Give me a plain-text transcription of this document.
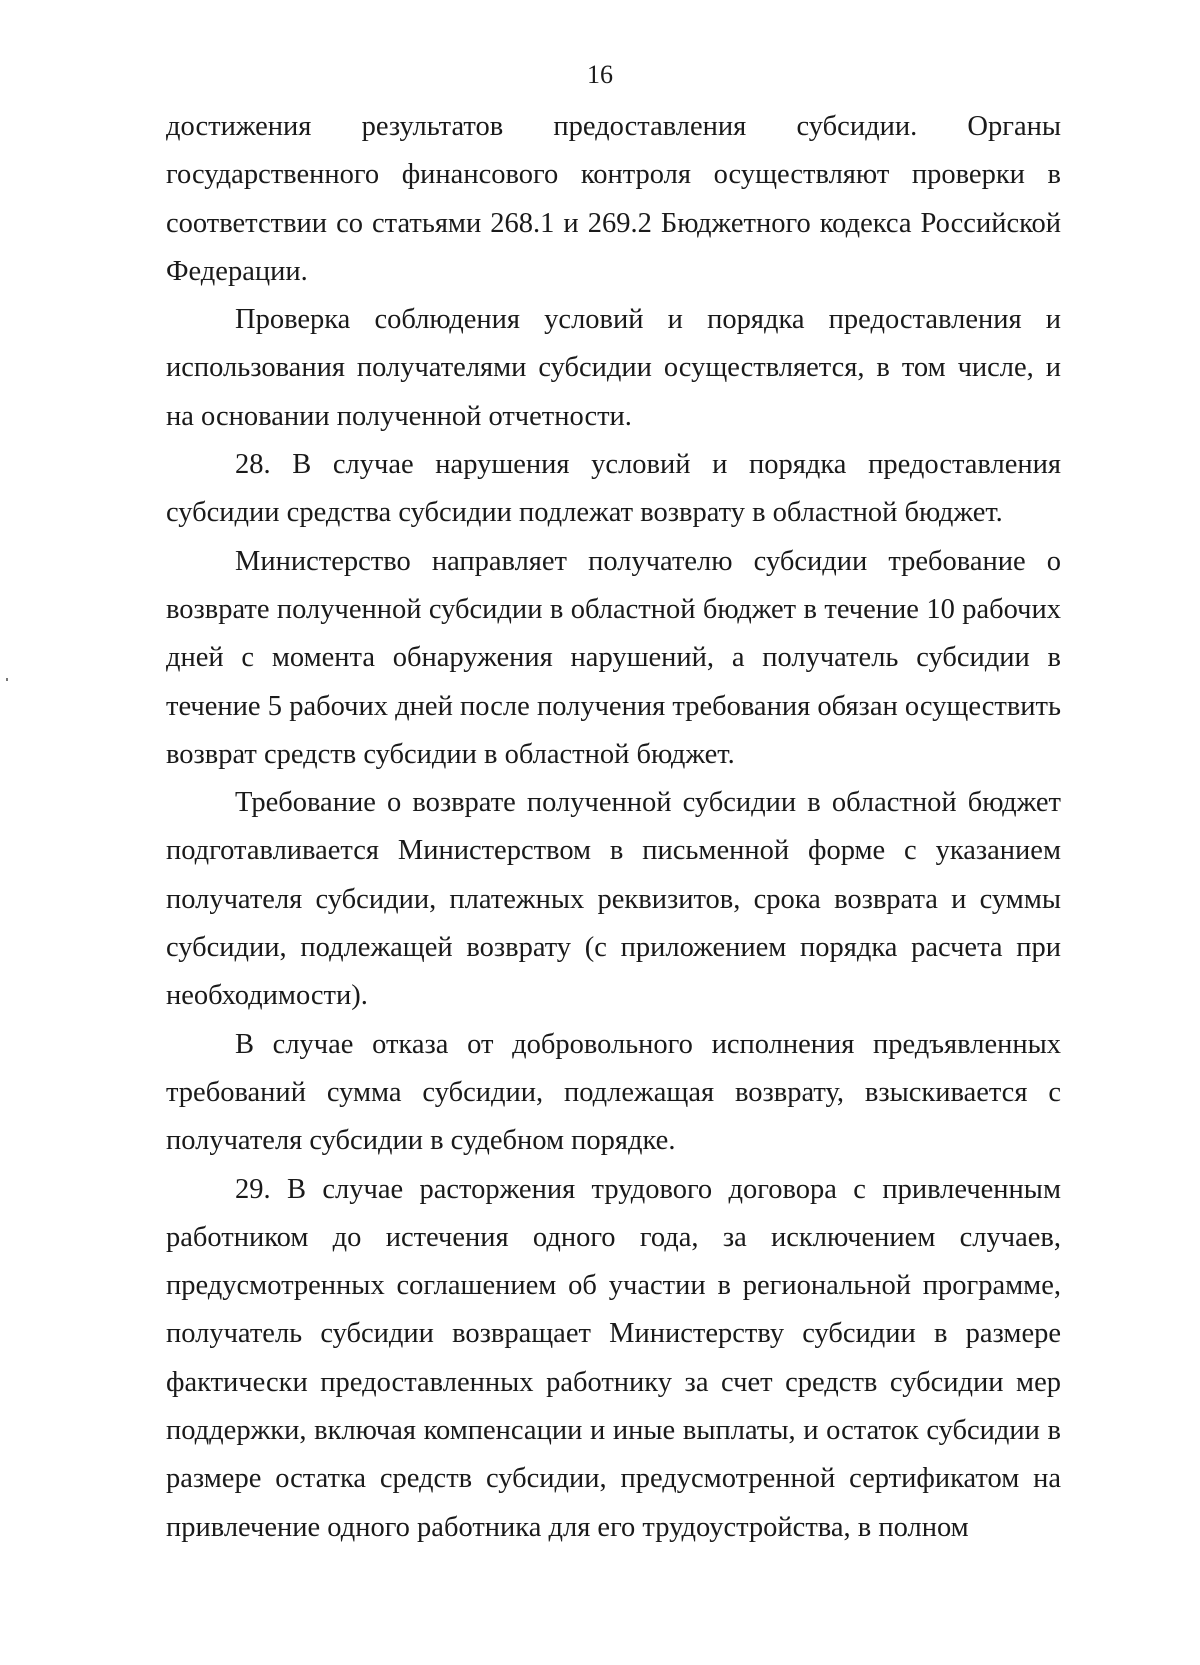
16

достижения результатов предоставления субсидии. Органы государственного финансового контроля осуществляют проверки в соответствии со статьями 268.1 и 269.2 Бюджетного кодекса Российской Федерации.

Проверка соблюдения условий и порядка предоставления и использования получателями субсидии осуществляется, в том числе, и на основании полученной отчетности.

28. В случае нарушения условий и порядка предоставления субсидии средства субсидии подлежат возврату в областной бюджет.

Министерство направляет получателю субсидии требование о возврате полученной субсидии в областной бюджет в течение 10 рабочих дней с момента обнаружения нарушений, а получатель субсидии в течение 5 рабочих дней после получения требования обязан осуществить возврат средств субсидии в областной бюджет.

Требование о возврате полученной субсидии в областной бюджет подготавливается Министерством в письменной форме с указанием получателя субсидии, платежных реквизитов, срока возврата и суммы субсидии, подлежащей возврату (с приложением порядка расчета при необходимости).

В случае отказа от добровольного исполнения предъявленных требований сумма субсидии, подлежащая возврату, взыскивается с получателя субсидии в судебном порядке.

29. В случае расторжения трудового договора с привлеченным работником до истечения одного года, за исключением случаев, предусмотренных соглашением об участии в региональной программе, получатель субсидии возвращает Министерству субсидии в размере фактически предоставленных работнику за счет средств субсидии мер поддержки, включая компенсации и иные выплаты, и остаток субсидии в размере остатка средств субсидии, предусмотренной сертификатом на привлечение одного работника для его трудоустройства, в полном
